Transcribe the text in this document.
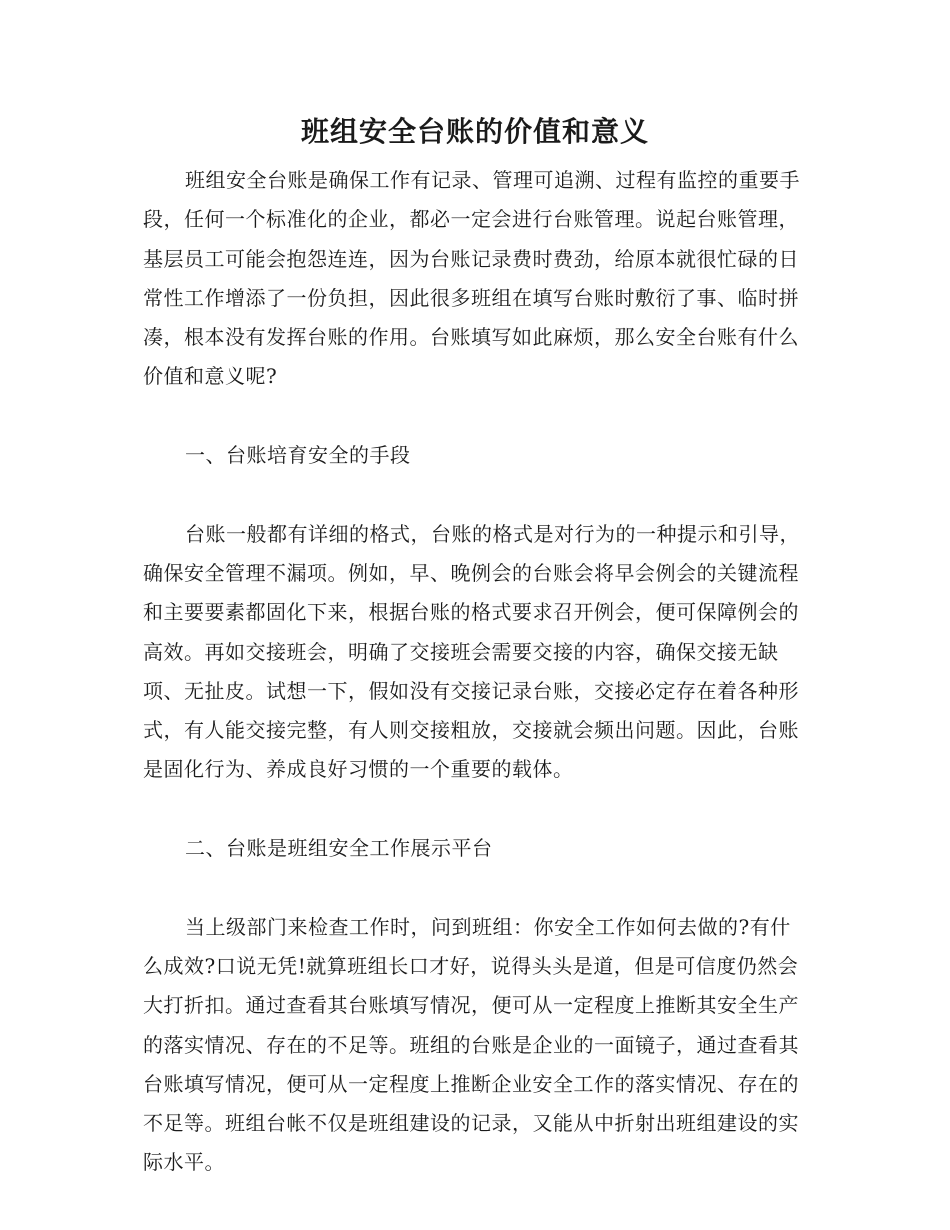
班组安全台账的价值和意义

班组安全台账是确保工作有记录、管理可追溯、过程有监控的重要手段，任何一个标准化的企业，都必一定会进行台账管理。说起台账管理，基层员工可能会抱怨连连，因为台账记录费时费劲，给原本就很忙碌的日常性工作增添了一份负担，因此很多班组在填写台账时敷衍了事、临时拼凑，根本没有发挥台账的作用。台账填写如此麻烦，那么安全台账有什么价值和意义呢?

一、台账培育安全的手段

台账一般都有详细的格式，台账的格式是对行为的一种提示和引导，确保安全管理不漏项。例如，早、晚例会的台账会将早会例会的关键流程和主要要素都固化下来，根据台账的格式要求召开例会，便可保障例会的高效。再如交接班会，明确了交接班会需要交接的内容，确保交接无缺项、无扯皮。试想一下，假如没有交接记录台账，交接必定存在着各种形式，有人能交接完整，有人则交接粗放，交接就会频出问题。因此，台账是固化行为、养成良好习惯的一个重要的载体。

二、台账是班组安全工作展示平台

当上级部门来检查工作时，问到班组：你安全工作如何去做的?有什么成效?口说无凭!就算班组长口才好，说得头头是道，但是可信度仍然会大打折扣。通过查看其台账填写情况，便可从一定程度上推断其安全生产的落实情况、存在的不足等。班组的台账是企业的一面镜子，通过查看其台账填写情况，便可从一定程度上推断企业安全工作的落实情况、存在的不足等。班组台帐不仅是班组建设的记录，又能从中折射出班组建设的实际水平。
